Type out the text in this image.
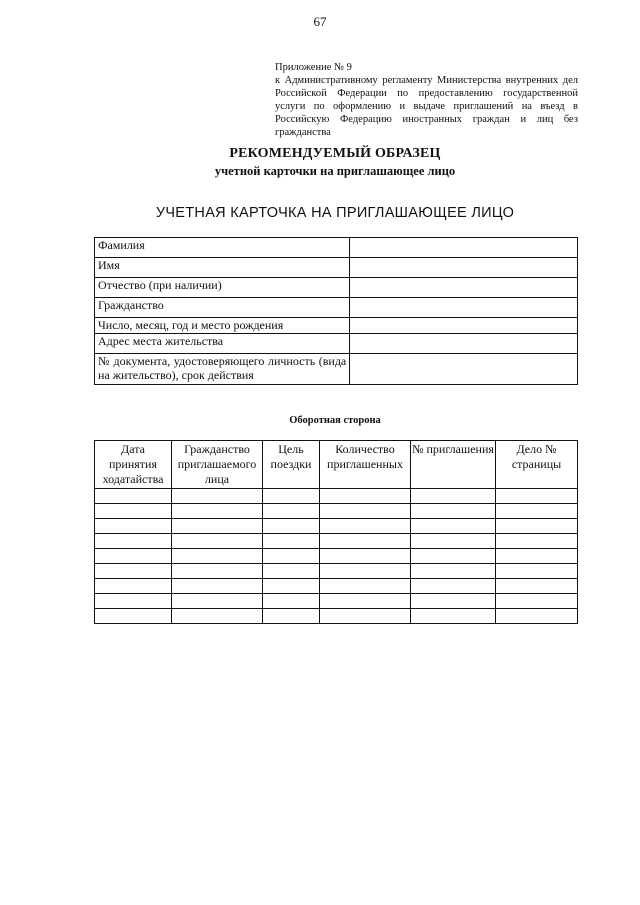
67
Приложение № 9
к Административному регламенту Министерства внутренних дел Российской Федерации по предоставлению государственной услуги по оформлению и выдаче приглашений на въезд в Российскую Федерацию иностранных граждан и лиц без гражданства
РЕКОМЕНДУЕМЫЙ ОБРАЗЕЦ
учетной карточки на приглашающее лицо
УЧЕТНАЯ КАРТОЧКА НА ПРИГЛАШАЮЩЕЕ ЛИЦО
Фамилия	
Имя	
Отчество (при наличии)	
Гражданство	
Число, месяц, год и место рождения	
Адрес места жительства	
№ документа, удостоверяющего личность (вида на жительство), срок действия	
Оборотная сторона
Дата принятия ходатайства	Гражданство приглашаемого лица	Цель поездки	Количество приглашенных	№ приглашения	Дело № страницы
